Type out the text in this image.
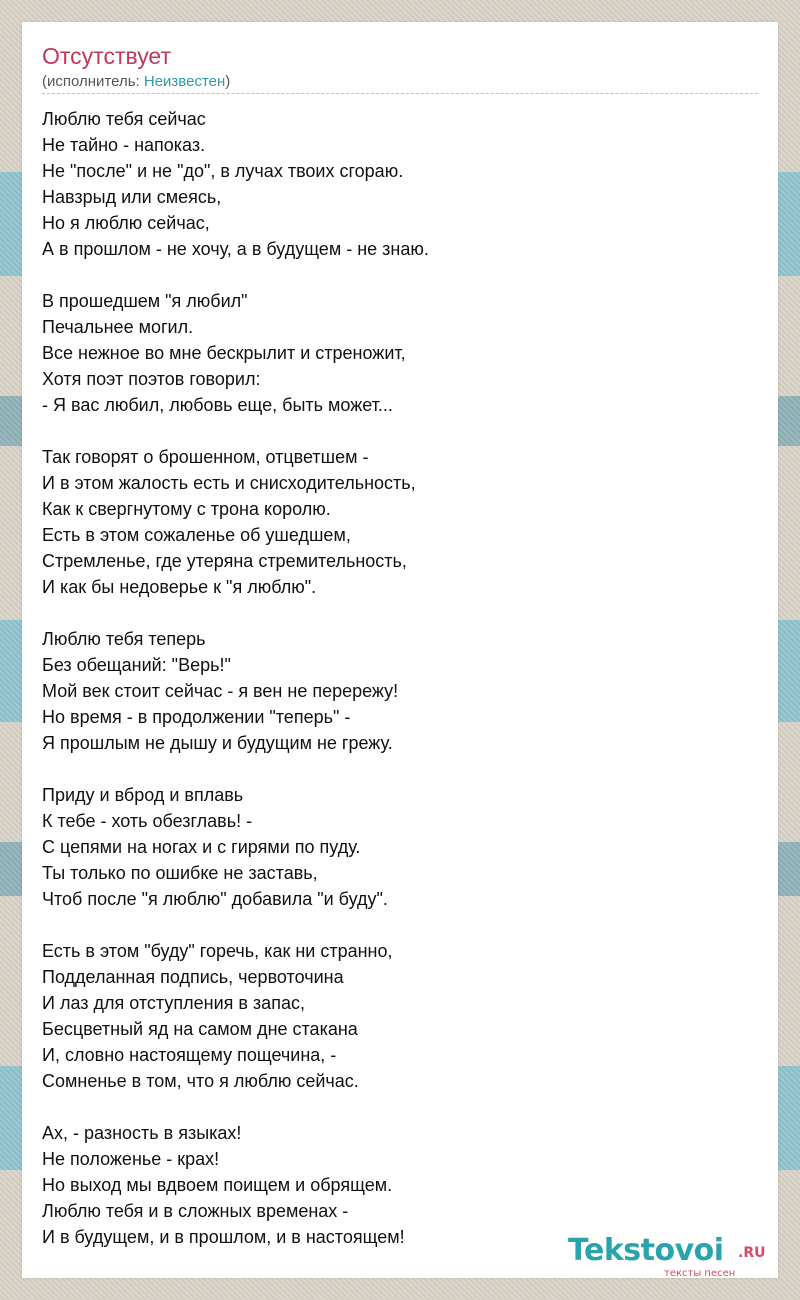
Отсутствует
(исполнитель: Неизвестен)
Люблю тебя сейчас
Не тайно - напоказ.
Не "после" и не "до", в лучах твоих сгораю.
Навзрыд или смеясь,
Но я люблю сейчас,
А в прошлом - не хочу, а в будущем - не знаю.
В прошедшем "я любил"
Печальнее могил.
Все нежное во мне бескрылит и стреножит,
Хотя поэт поэтов говорил:
- Я вас любил, любовь еще, быть может...
Так говорят о брошенном, отцветшем -
И в этом жалость есть и снисходительность,
Как к свергнутому с трона королю.
Есть в этом сожаленье об ушедшем,
Стремленье, где утеряна стремительность,
И как бы недоверье к "я люблю".
Люблю тебя теперь
Без обещаний: "Верь!"
Мой век стоит сейчас - я вен не перережу!
Но время - в продолжении "теперь" -
Я прошлым не дышу и будущим не грежу.
Приду и вброд и вплавь
К тебе - хоть обезглавь! -
С цепями на ногах и с гирями по пуду.
Ты только по ошибке не заставь,
Чтоб после "я люблю" добавила "и буду".
Есть в этом "буду" горечь, как ни странно,
Подделанная подпись, червоточина
И лаз для отступления в запас,
Бесцветный яд на самом дне стакана
И, словно настоящему пощечина, -
Сомненье в том, что я люблю сейчас.
Ах, - разность в языках!
Не положенье - крах!
Но выход мы вдвоем поищем и обрящем.
Люблю тебя и в сложных временах -
И в будущем, и в прошлом, и в настоящем!	Tekstovoi .RU
тексты песен
